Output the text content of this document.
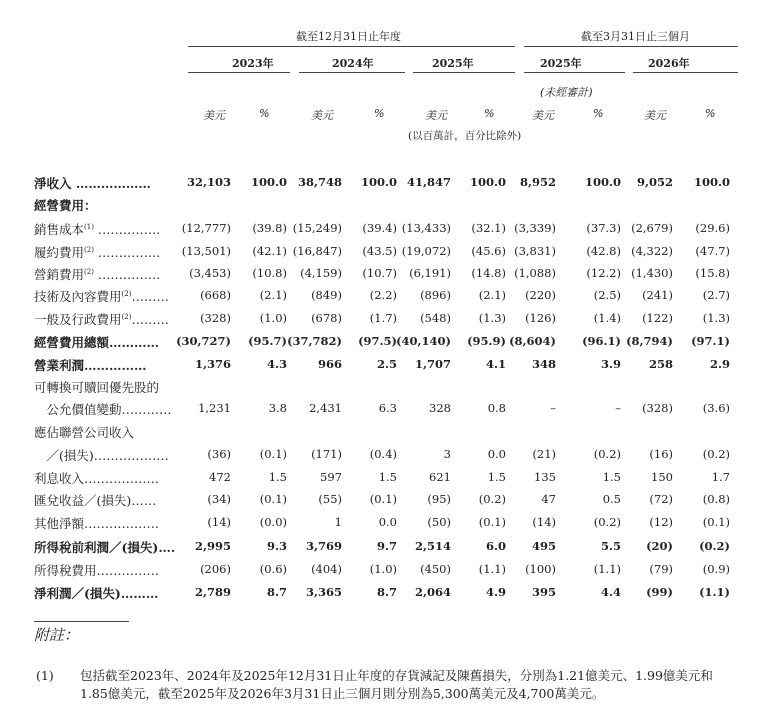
截至12月31日止年度	截至3月31日止三個月
2023年	2024年	2025年	2025年	2026年
(未經審計)
美元	%	美元	%	美元	%	美元	%	美元	%
(以百萬計，百分比除外)
淨收入 ………………	32,103 100.0 38,748 100.0 41,847 100.0 8,952	100.0 9,052 100.0
經營費用：
銷售成本$^{(1)}$ …………… (12,777) (39.8) (15,249) (39.4) (13,433) (32.1) (3,339)	(37.3) (2,679) (29.6)
履約費用$^{(2)}$ …………… (13,501) (42.1) (16,847) (43.5) (19,072) (45.6) (3,831)	(42.8) (4,322) (47.7)
營銷費用$^{(2)}$ …………… (3,453) (10.8) (4,159) (10.7) (6,191) (14.8) (1,088)	(12.2) (1,430) (15.8)
技術及內容費用$^{(2)}$………	(668) (2.1) (849) (2.2) (896) (2.1) (220)	(2.5) (241)	(2.7)
一般及行政費用$^{(2)}$………	(328) (1.0) (678) (1.7) (548) (1.3) (126)	(1.4) (122)	(1.3)
經營費用總額………… (30,727) (95.7) (37,782) (97.5) (40,140) (95.9) (8,604) (96.1) (8,794) (97.1)
營業利潤……………	1,376	4.3	966	2.5 1,707	4.1 348	3.9 258	2.9
可轉換可贖回優先股的
　公允價值變動………… 1,231	3.8 2,431	6.3	328	0.8	–	– (328)	(3.6)
應佔聯營公司收入
　／(損失)………………	(36) (0.1) (171) (0.4)	3	0.0 (21)	(0.2) (16)	(0.2)
利息收入………………	472	1.5	597	1.5	621	1.5 135	1.5	150	1.7
匯兌收益／(損失)……	(34) (0.1)	(55) (0.1)	(95) (0.2)	47	0.5 (72)	(0.8)
其他淨額………………	(14) (0.0)	1	0.0	(50) (0.1) (14)	(0.2) (12)	(0.1)
所得稅前利潤／(損失)…. 2,995	9.3 3,769	9.7 2,514	6.0 495	5.5 (20) (0.2)
所得稅費用……………	(206) (0.6) (404) (1.0) (450) (1.1) (100)	(1.1) (79)	(0.9)
淨利潤／(損失)………	2,789	8.7 3,365	8.7 2,064	4.9 395	4.4 (99) (1.1)
附註：
(1) 包括截至2023年、2024年及2025年12月31日止年度的存貨減記及陳舊損失，分別為1.21億美元、1.99億美元和1.85億美元，截至2025年及2026年3月31日止三個月則分別為5,300萬美元及4,700萬美元。
